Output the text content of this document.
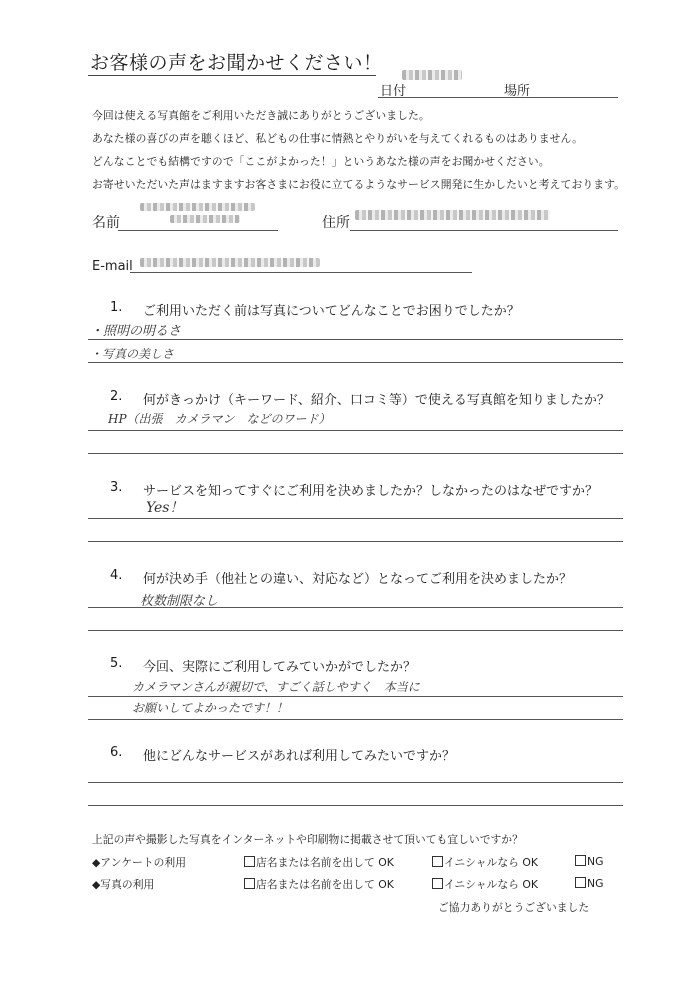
お客様の声をお聞かせください！
日付	場所
今回は使える写真館をご利用いただき誠にありがとうございました。
あなた様の喜びの声を聴くほど、私どもの仕事に情熱とやりがいを与えてくれるものはありません。
どんなことでも結構ですので「ここがよかった！」というあなた様の声をお聞かせください。
お寄せいただいた声はますますお客さまにお役に立てるようなサービス開発に生かしたいと考えております。
名前	住所
E-mail
1. ご利用いただく前は写真についてどんなことでお困りでしたか？
・照明の明るさ
・写真の美しさ
2. 何がきっかけ（キーワード、紹介、口コミ等）で使える写真館を知りましたか？
HP（出張　カメラマン　などのワード）
3. サービスを知ってすぐにご利用を決めましたか？しなかったのはなぜですか？
Yes！
4. 何が決め手（他社との違い、対応など）となってご利用を決めましたか？
枚数制限なし
5. 今回、実際にご利用してみていかがでしたか？
カメラマンさんが親切で、すごく話しやすく　本当に
お願いしてよかったです！！
6. 他にどんなサービスがあれば利用してみたいですか？
上記の声や撮影した写真をインターネットや印刷物に掲載させて頂いても宜しいですか？
◆アンケートの利用	店名または名前を出して OK	イニシャルなら OK	NG
◆写真の利用	店名または名前を出して OK	イニシャルなら OK	NG
ご協力ありがとうございました
